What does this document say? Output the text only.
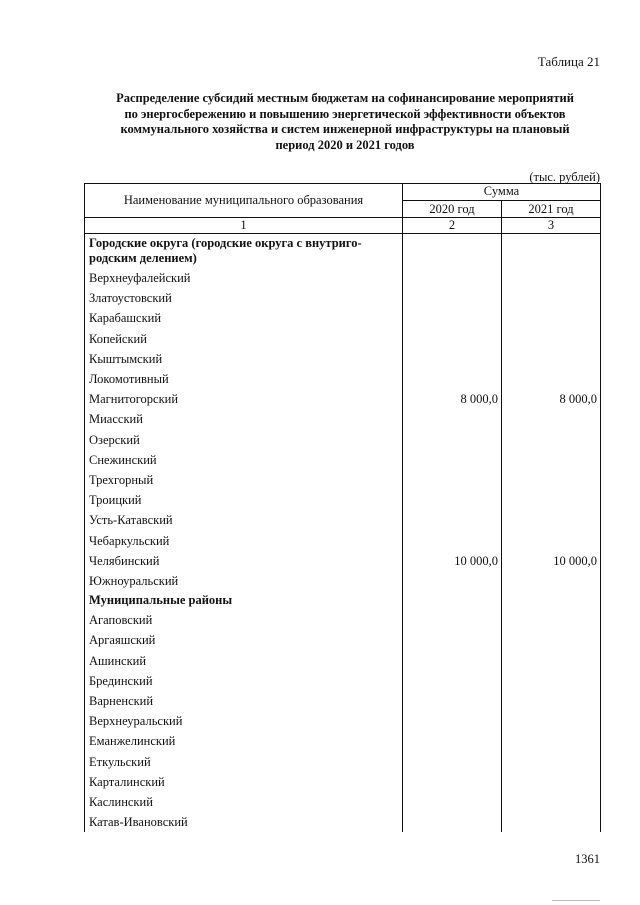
Таблица 21
Распределение субсидий местным бюджетам на софинансирование мероприятий
по энергосбережению и повышению энергетической эффективности объектов
коммунального хозяйства и систем инженерной инфраструктуры на плановый
период 2020 и 2021 годов
(тыс. рублей)
Наименование муниципального образования	Сумма	
	2020 год	2021 год
1	2	3
Городские округа (городские округа с внутриго-родским делением)		
Верхнеуфалейский		
Златоустовский		
Карабашский		
Копейский		
Кыштымский		
Локомотивный		
Магнитогорский	8 000,0	8 000,0
Миасский		
Озерский		
Снежинский		
Трехгорный		
Троицкий		
Усть-Катавский		
Чебаркульский		
Челябинский	10 000,0	10 000,0
Южноуральский		
Муниципальные районы		
Агаповский		
Аргаяшский		
Ашинский		
Брединский		
Варненский		
Верхнеуральский		
Еманжелинский		
Еткульский		
Карталинский		
Каслинский		
Катав-Ивановский		
1361
